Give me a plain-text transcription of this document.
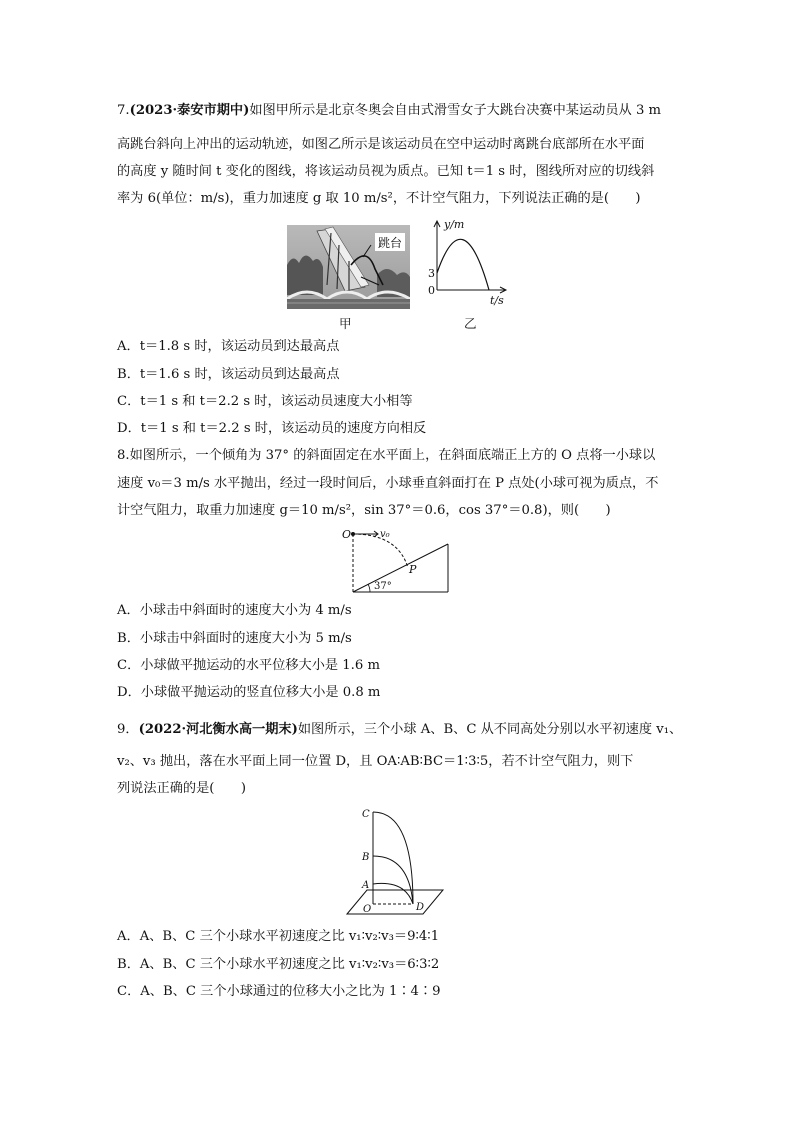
7.(2023·泰安市期中)如图甲所示是北京冬奥会自由式滑雪女子大跳台决赛中某运动员从 3 m
高跳台斜向上冲出的运动轨迹，如图乙所示是该运动员在空中运动时离跳台底部所在水平面
的高度 y 随时间 t 变化的图线，将该运动员视为质点。已知 t＝1 s 时，图线所对应的切线斜
率为 6(单位：m/s)，重力加速度 g 取 10 m/s²，不计空气阻力，下列说法正确的是(　　)
跳台
y/m
t/s
3
0
甲	乙
A．t＝1.8 s 时，该运动员到达最高点
B．t＝1.6 s 时，该运动员到达最高点
C．t＝1 s 和 t＝2.2 s 时，该运动员速度大小相等
D．t＝1 s 和 t＝2.2 s 时，该运动员的速度方向相反
8.如图所示，一个倾角为 37° 的斜面固定在水平面上，在斜面底端正上方的 O 点将一小球以
速度 v₀＝3 m/s 水平抛出，经过一段时间后，小球垂直斜面打在 P 点处(小球可视为质点，不
计空气阻力，取重力加速度 g＝10 m/s²，sin 37°＝0.6，cos 37°＝0.8)，则(　　)
O	v₀
P
37°
A．小球击中斜面时的速度大小为 4 m/s
B．小球击中斜面时的速度大小为 5 m/s
C．小球做平抛运动的水平位移大小是 1.6 m
D．小球做平抛运动的竖直位移大小是 0.8 m
9．(2022·河北衡水高一期末)如图所示，三个小球 A、B、C 从不同高处分别以水平初速度 v₁、
v₂、v₃ 抛出，落在水平面上同一位置 D，且 OA∶AB∶BC＝1∶3∶5，若不计空气阻力，则下
列说法正确的是(　　)
C
B
A
O	D
A．A、B、C 三个小球水平初速度之比 v₁∶v₂∶v₃＝9∶4∶1
B．A、B、C 三个小球水平初速度之比 v₁∶v₂∶v₃＝6∶3∶2
C．A、B、C 三个小球通过的位移大小之比为 1∶4∶9
